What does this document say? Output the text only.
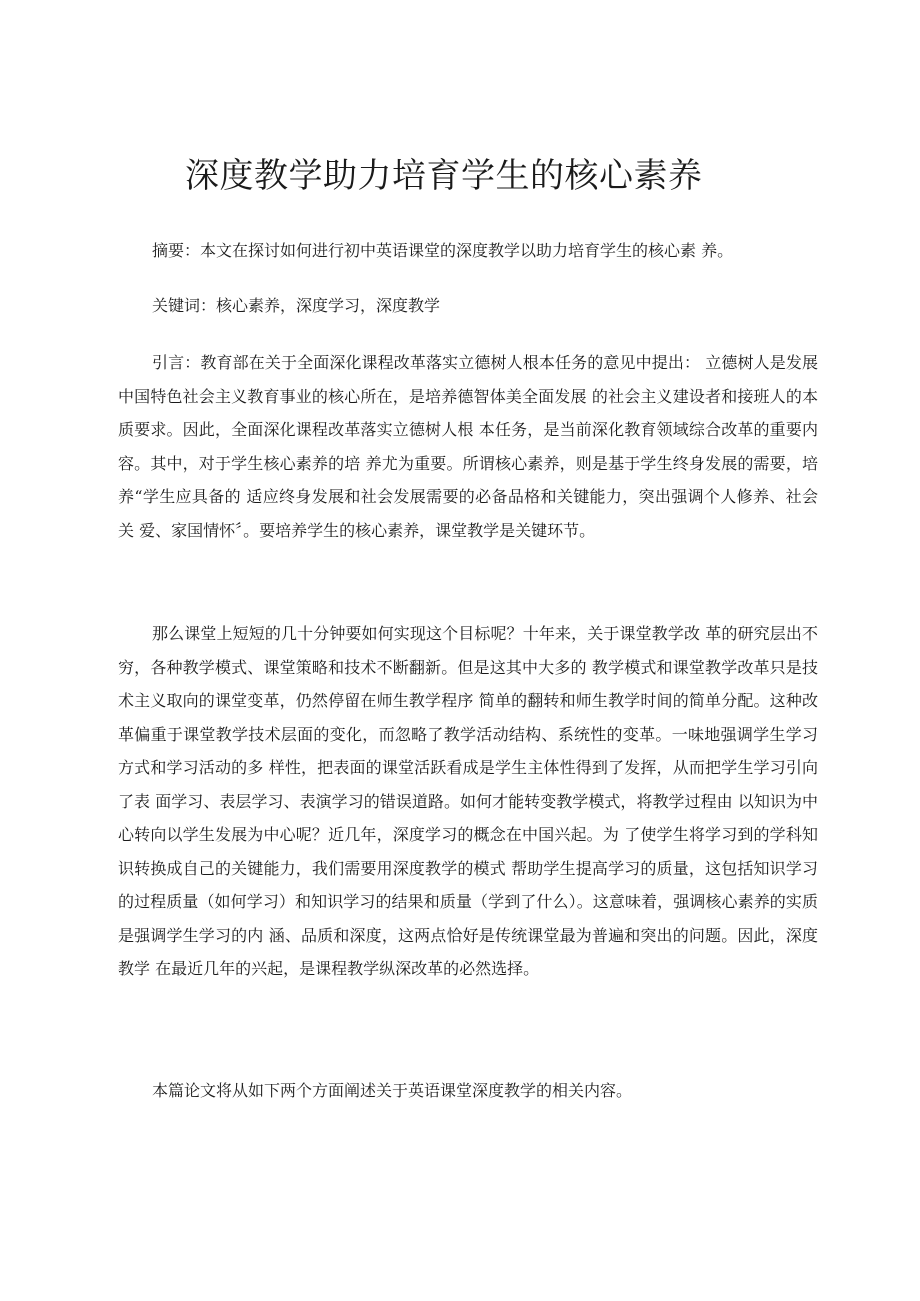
深度教学助力培育学生的核心素养

摘要：本文在探讨如何进行初中英语课堂的深度教学以助力培育学生的核心素 养。

关键词：核心素养，深度学习，深度教学

引言：教育部在关于全面深化课程改革落实立德树人根本任务的意见中提出： 立德树人是发展中国特色社会主义教育事业的核心所在，是培养德智体美全面发展 的社会主义建设者和接班人的本质要求。因此，全面深化课程改革落实立德树人根 本任务，是当前深化教育领域综合改革的重要内容。其中，对于学生核心素养的培 养尤为重要。所谓核心素养，则是基于学生终身发展的需要，培养“学生应具备的 适应终身发展和社会发展需要的必备品格和关键能力，突出强调个人修养、社会关 爱、家国情怀〞。要培养学生的核心素养，课堂教学是关键环节。

那么课堂上短短的几十分钟要如何实现这个目标呢？十年来，关于课堂教学改 革的研究层出不穷，各种教学模式、课堂策略和技术不断翻新。但是这其中大多的 教学模式和课堂教学改革只是技术主义取向的课堂变革，仍然停留在师生教学程序 简单的翻转和师生教学时间的简单分配。这种改革偏重于课堂教学技术层面的变化，而忽略了教学活动结构、系统性的变革。一味地强调学生学习方式和学习活动的多 样性，把表面的课堂活跃看成是学生主体性得到了发挥，从而把学生学习引向了表 面学习、表层学习、表演学习的错误道路。如何才能转变教学模式，将教学过程由 以知识为中心转向以学生发展为中心呢？近几年，深度学习的概念在中国兴起。为 了使学生将学习到的学科知识转换成自己的关键能力，我们需要用深度教学的模式 帮助学生提高学习的质量，这包括知识学习的过程质量（如何学习）和知识学习的结果和质量（学到了什么）。这意味着，强调核心素养的实质是强调学生学习的内 涵、品质和深度，这两点恰好是传统课堂最为普遍和突出的问题。因此，深度教学 在最近几年的兴起，是课程教学纵深改革的必然选择。

本篇论文将从如下两个方面阐述关于英语课堂深度教学的相关内容。
